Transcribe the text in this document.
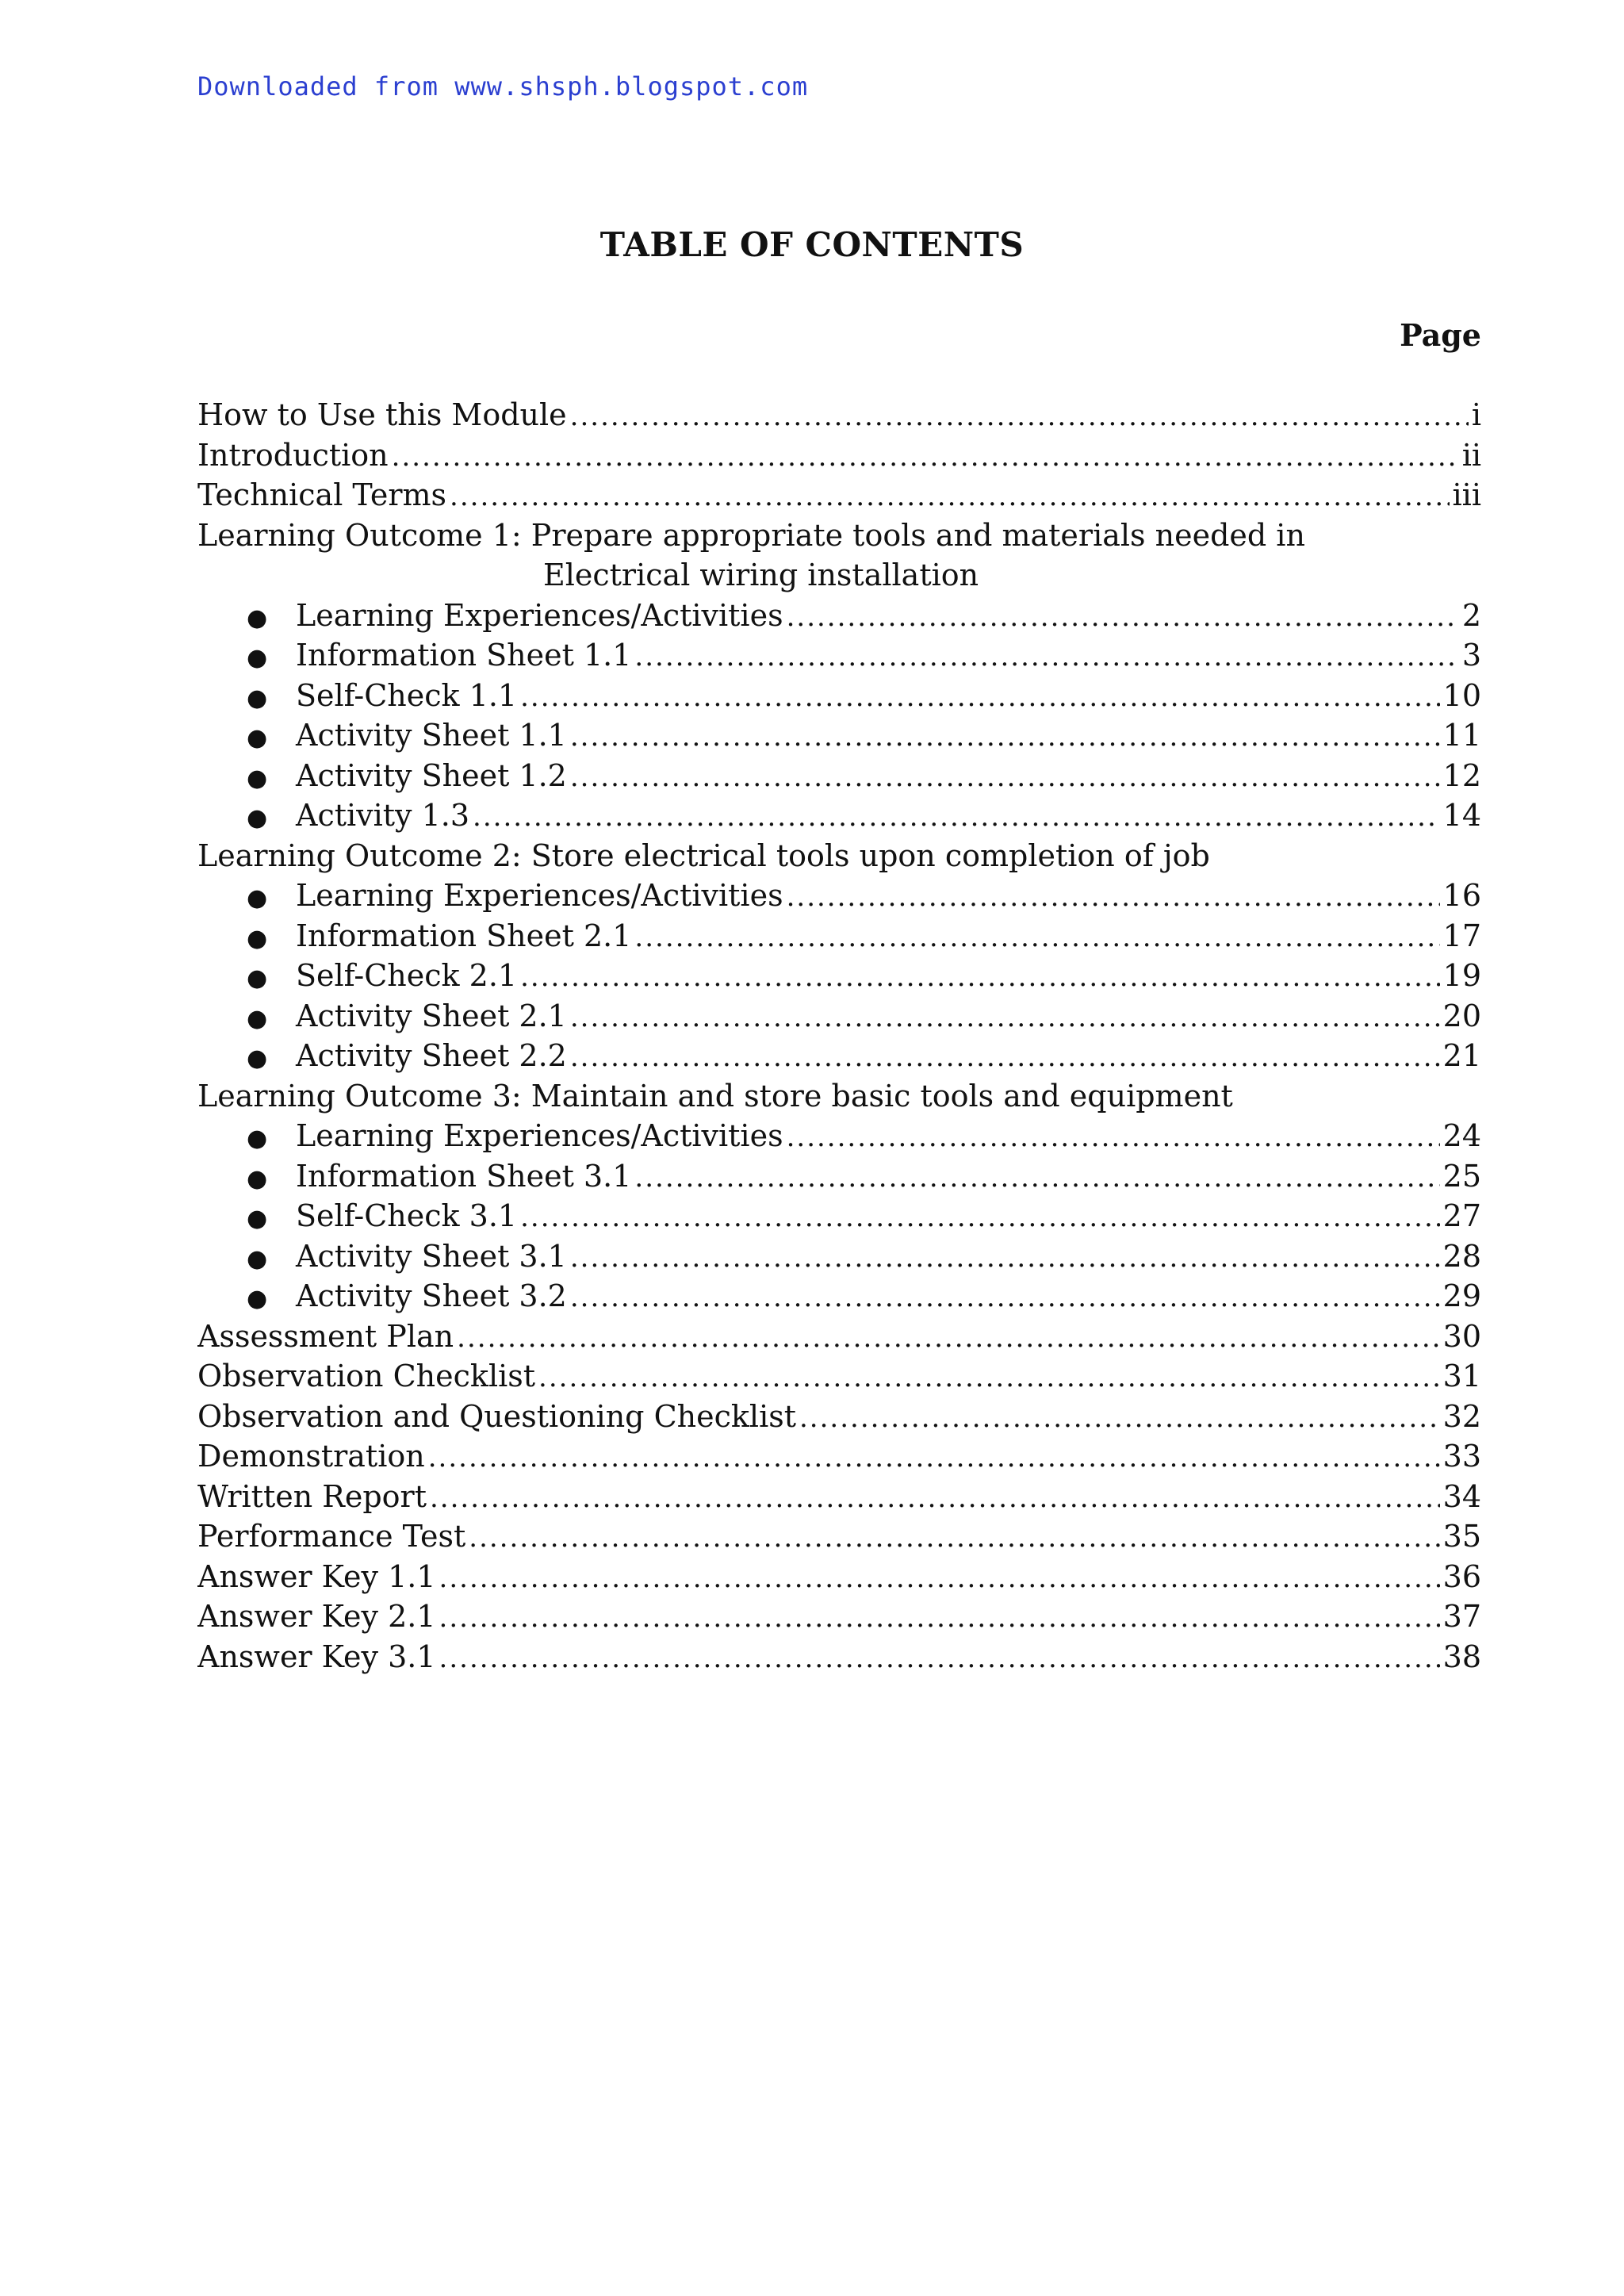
Downloaded from www.shsph.blogspot.com
TABLE OF CONTENTS
Page
How to Use this Module .....	i
Introduction .....	ii
Technical Terms .....	iii
Learning Outcome 1: Prepare appropriate tools and materials needed in
Electrical wiring installation
● Learning Experiences/Activities .....	2
● Information Sheet 1.1 .....	3
● Self-Check 1.1 .....	10
● Activity Sheet 1.1 .....	11
● Activity Sheet 1.2 .....	12
● Activity 1.3 .....	14
Learning Outcome 2: Store electrical tools upon completion of job
● Learning Experiences/Activities .....	16
● Information Sheet 2.1 .....	17
● Self-Check 2.1 .....	19
● Activity Sheet 2.1 .....	20
● Activity Sheet 2.2 .....	21
Learning Outcome 3: Maintain and store basic tools and equipment
● Learning Experiences/Activities .....	24
● Information Sheet 3.1 .....	25
● Self-Check 3.1 .....	27
● Activity Sheet 3.1 .....	28
● Activity Sheet 3.2 .....	29
Assessment Plan .....	30
Observation Checklist .....	31
Observation and Questioning Checklist .....	32
Demonstration .....	33
Written Report .....	34
Performance Test .....	35
Answer Key 1.1 .....	36
Answer Key 2.1 .....	37
Answer Key 3.1 .....	38
